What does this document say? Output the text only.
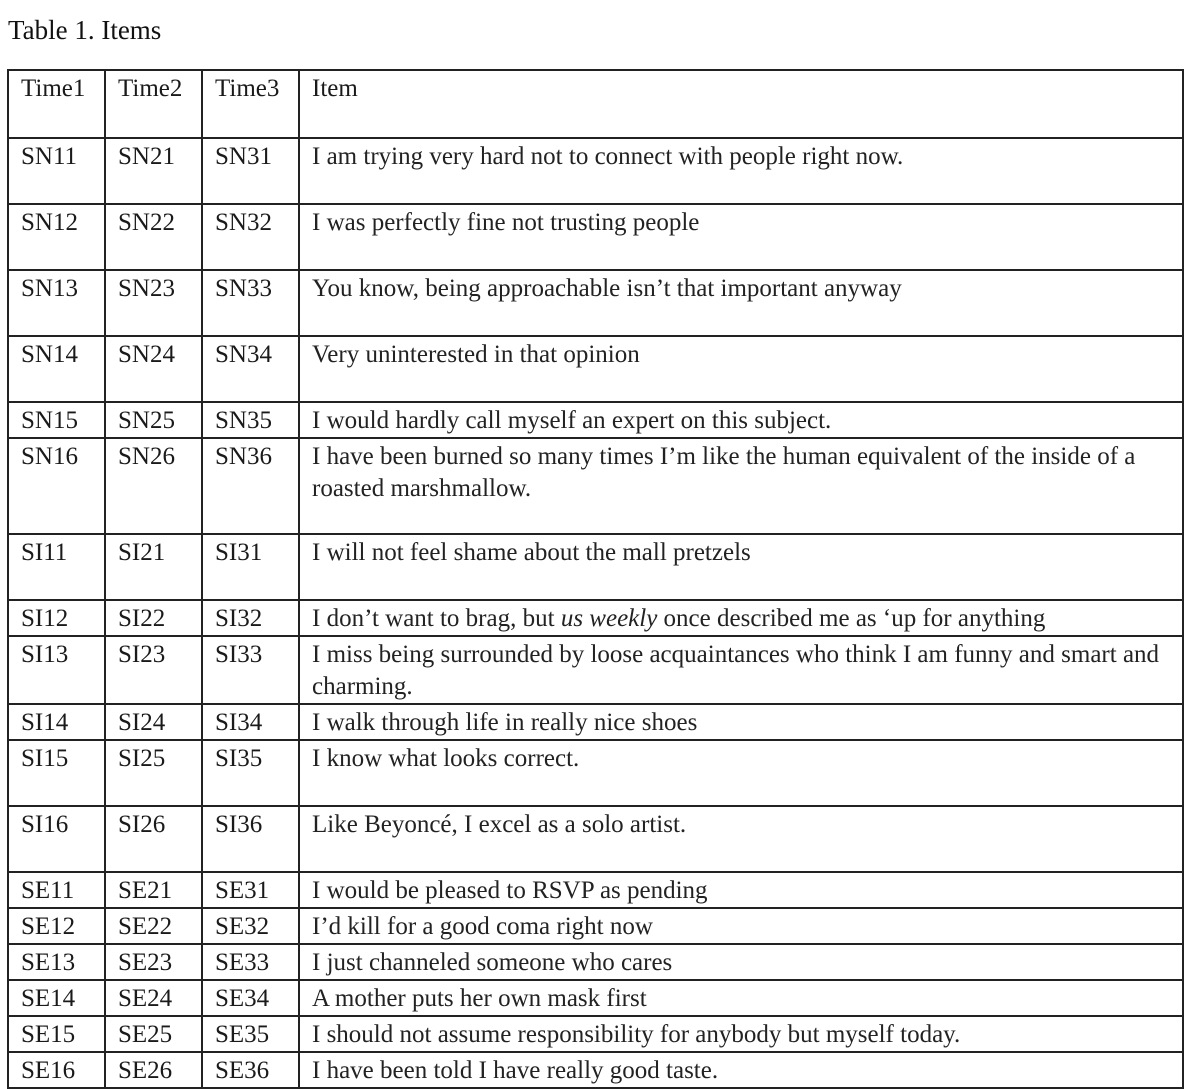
Table 1. Items
Time1	Time2	Time3	Item
SN11	SN21	SN31	I am trying very hard not to connect with people right now.
SN12	SN22	SN32	I was perfectly fine not trusting people
SN13	SN23	SN33	You know, being approachable isn’t that important anyway
SN14	SN24	SN34	Very uninterested in that opinion
SN15	SN25	SN35	I would hardly call myself an expert on this subject.
SN16	SN26	SN36	I have been burned so many times I’m like the human equivalent of the inside of a roasted marshmallow.
SI11	SI21	SI31	I will not feel shame about the mall pretzels
SI12	SI22	SI32	I don’t want to brag, but us weekly once described me as ‘up for anything
SI13	SI23	SI33	I miss being surrounded by loose acquaintances who think I am funny and smart and charming.
SI14	SI24	SI34	I walk through life in really nice shoes
SI15	SI25	SI35	I know what looks correct.
SI16	SI26	SI36	Like Beyoncé, I excel as a solo artist.
SE11	SE21	SE31	I would be pleased to RSVP as pending
SE12	SE22	SE32	I’d kill for a good coma right now
SE13	SE23	SE33	I just channeled someone who cares
SE14	SE24	SE34	A mother puts her own mask first
SE15	SE25	SE35	I should not assume responsibility for anybody but myself today.
SE16	SE26	SE36	I have been told I have really good taste.
